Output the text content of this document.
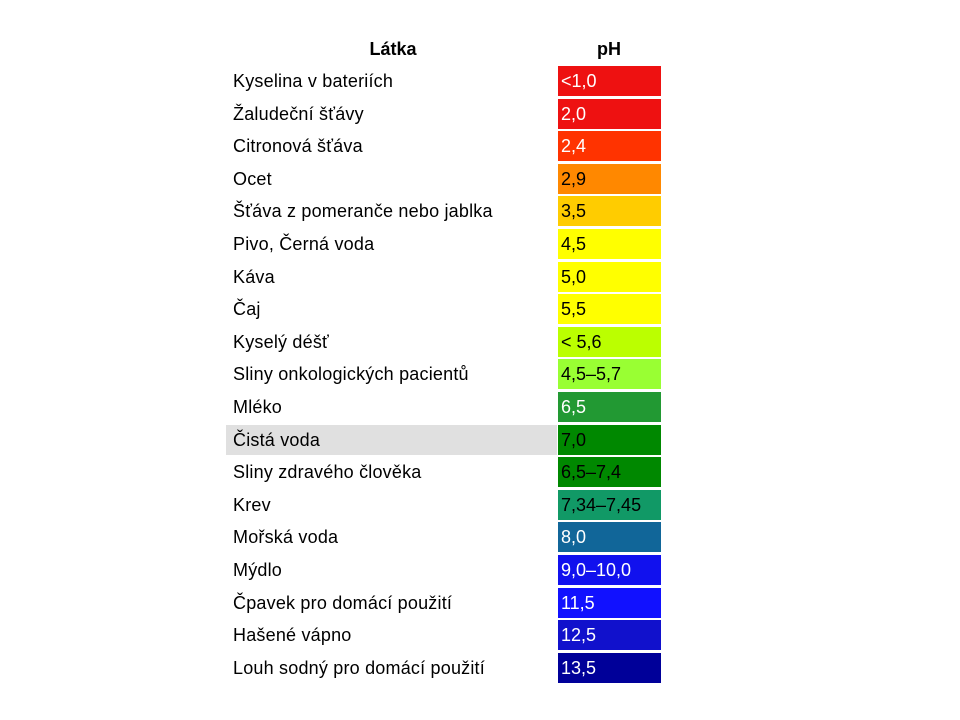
Látka	pH
Kyselina v bateriích	<1,0
Žaludeční šťávy	2,0
Citronová šťáva	2,4
Ocet	2,9
Šťáva z pomeranče nebo jablka	3,5
Pivo, Černá voda	4,5
Káva	5,0
Čaj	5,5
Kyselý déšť	< 5,6
Sliny onkologických pacientů	4,5–5,7
Mléko	6,5
Čistá voda	7,0
Sliny zdravého člověka	6,5–7,4
Krev	7,34–7,45
Mořská voda	8,0
Mýdlo	9,0–10,0
Čpavek pro domácí použití	11,5
Hašené vápno	12,5
Louh sodný pro domácí použití	13,5
